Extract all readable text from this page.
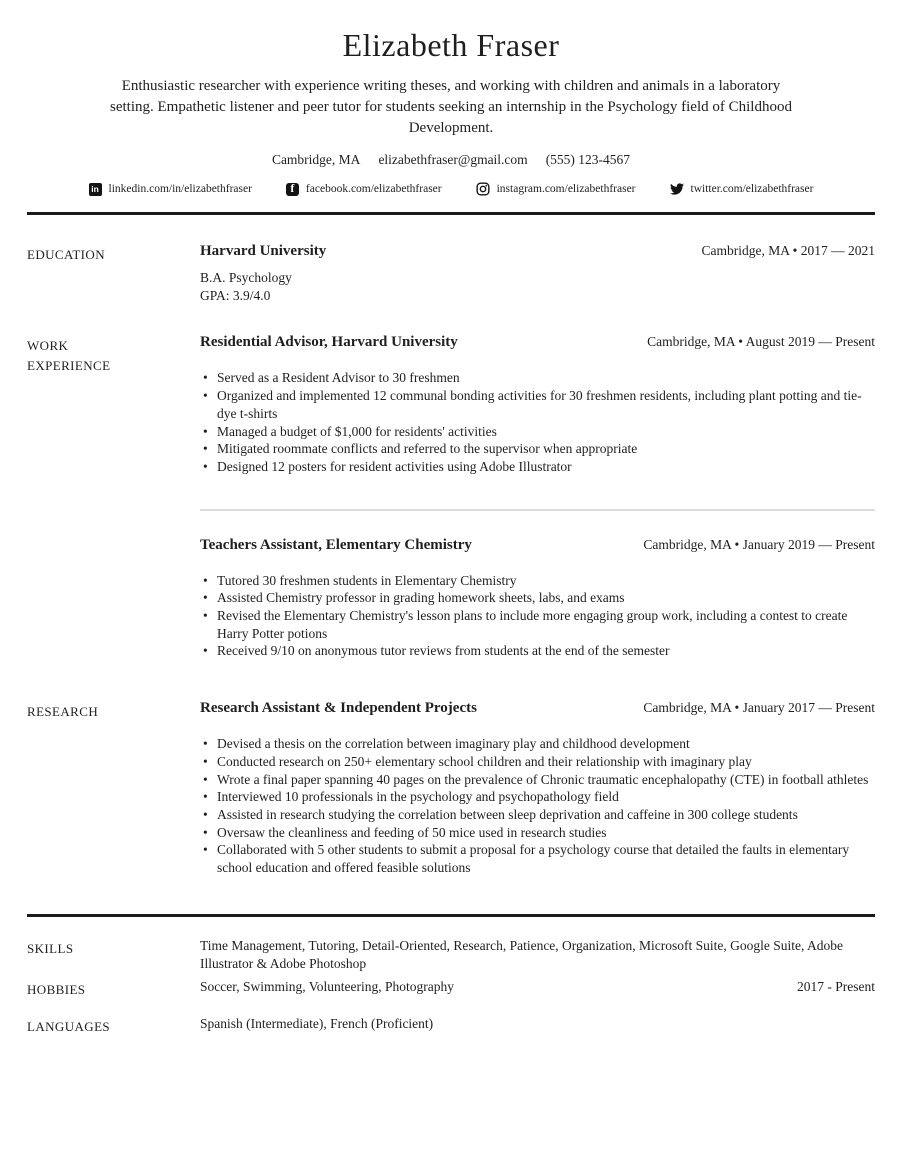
Elizabeth Fraser

Enthusiastic researcher with experience writing theses, and working with children and animals in a laboratory setting. Empathetic listener and peer tutor for students seeking an internship in the Psychology field of Childhood Development.

Cambridge, MA elizabethfraser@gmail.com (555) 123-4567
in linkedin.com/in/elizabethfraser	f	facebook.com/elizabethfraser	instagram.com/elizabethfraser	twitter.com/elizabethfraser
EDUCATION	Harvard University	Cambridge, MA • 2017 — 2021
B.A. Psychology
GPA: 3.9/4.0
WORK EXPERIENCE
Residential Advisor, Harvard University	Cambridge, MA • August 2019 — Present
• Served as a Resident Advisor to 30 freshmen
• Organized and implemented 12 communal bonding activities for 30 freshmen residents, including plant potting and tie-dye t-shirts
• Managed a budget of $1,000 for residents' activities
• Mitigated roommate conflicts and referred to the supervisor when appropriate
• Designed 12 posters for resident activities using Adobe Illustrator
Teachers Assistant, Elementary Chemistry	Cambridge, MA • January 2019 — Present
• Tutored 30 freshmen students in Elementary Chemistry
• Assisted Chemistry professor in grading homework sheets, labs, and exams
• Revised the Elementary Chemistry's lesson plans to include more engaging group work, including a contest to create Harry Potter potions
• Received 9/10 on anonymous tutor reviews from students at the end of the semester
RESEARCH	Research Assistant & Independent Projects	Cambridge, MA • January 2017 — Present
• Devised a thesis on the correlation between imaginary play and childhood development
• Conducted research on 250+ elementary school children and their relationship with imaginary play
• Wrote a final paper spanning 40 pages on the prevalence of Chronic traumatic encephalopathy (CTE) in football athletes
• Interviewed 10 professionals in the psychology and psychopathology field
• Assisted in research studying the correlation between sleep deprivation and caffeine in 300 college students
• Oversaw the cleanliness and feeding of 50 mice used in research studies
• Collaborated with 5 other students to submit a proposal for a psychology course that detailed the faults in elementary school education and offered feasible solutions
SKILLS	Time Management, Tutoring, Detail-Oriented, Research, Patience, Organization, Microsoft Suite, Google Suite, Adobe Illustrator & Adobe Photoshop
HOBBIES	Soccer, Swimming, Volunteering, Photography	2017 - Present
LANGUAGES	Spanish (Intermediate), French (Proficient)
